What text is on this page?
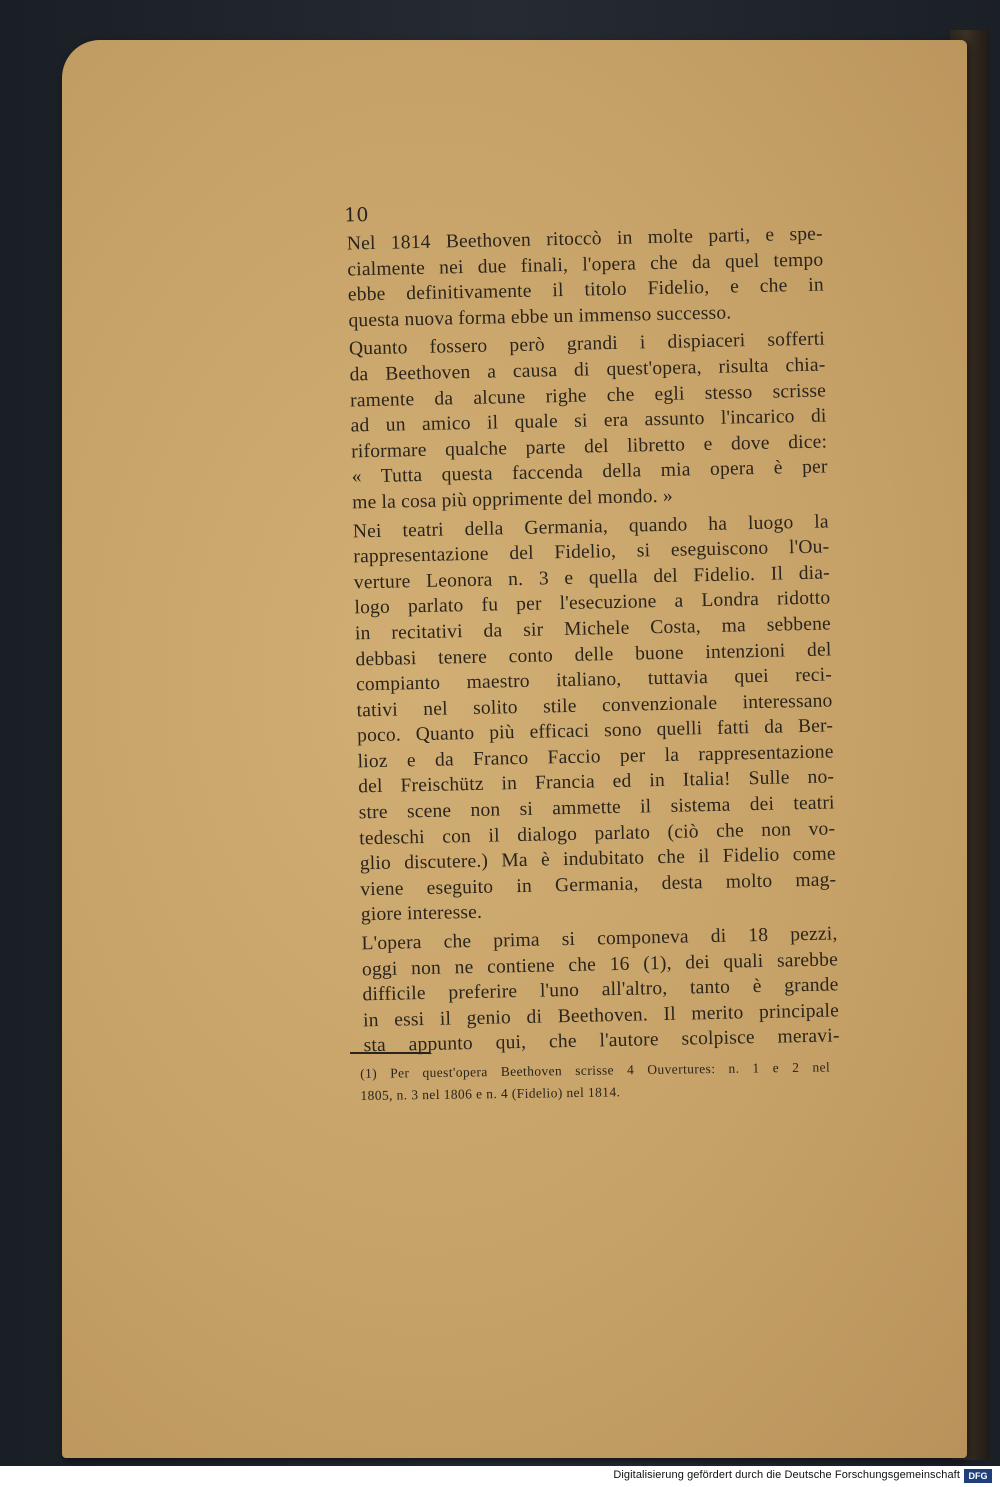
10

Nel 1814 Beethoven ritoccò in molte parti, e spe-
cialmente nei due finali, l'opera che da quel tempo
ebbe definitivamente il titolo Fidelio, e che in
questa nuova forma ebbe un immenso successo.

Quanto fossero però grandi i dispiaceri sofferti
da Beethoven a causa di quest'opera, risulta chia-
ramente da alcune righe che egli stesso scrisse
ad un amico il quale si era assunto l'incarico di
riformare qualche parte del libretto e dove dice:
« Tutta questa faccenda della mia opera è per
me la cosa più opprimente del mondo. »

Nei teatri della Germania, quando ha luogo la
rappresentazione del Fidelio, si eseguiscono l'Ou-
verture Leonora n. 3 e quella del Fidelio. Il dia-
logo parlato fu per l'esecuzione a Londra ridotto
in recitativi da sir Michele Costa, ma sebbene
debbasi tenere conto delle buone intenzioni del
compianto maestro italiano, tuttavia quei reci-
tativi nel solito stile convenzionale interessano
poco. Quanto più efficaci sono quelli fatti da Ber-
lioz e da Franco Faccio per la rappresentazione
del Freischütz in Francia ed in Italia! Sulle no-
stre scene non si ammette il sistema dei teatri
tedeschi con il dialogo parlato (ciò che non vo-
glio discutere.) Ma è indubitato che il Fidelio come
viene eseguito in Germania, desta molto mag-
giore interesse.

L'opera che prima si componeva di 18 pezzi,
oggi non ne contiene che 16 (1), dei quali sarebbe
difficile preferire l'uno all'altro, tanto è grande
in essi il genio di Beethoven. Il merito principale
sta appunto qui, che l'autore scolpisce meravi-

(1) Per quest'opera Beethoven scrisse 4 Ouvertures: n. 1 e 2 nel
1805, n. 3 nel 1806 e n. 4 (Fidelio) nel 1814.
Digitalisierung gefördert durch die Deutsche Forschungsgemeinschaft DFG
